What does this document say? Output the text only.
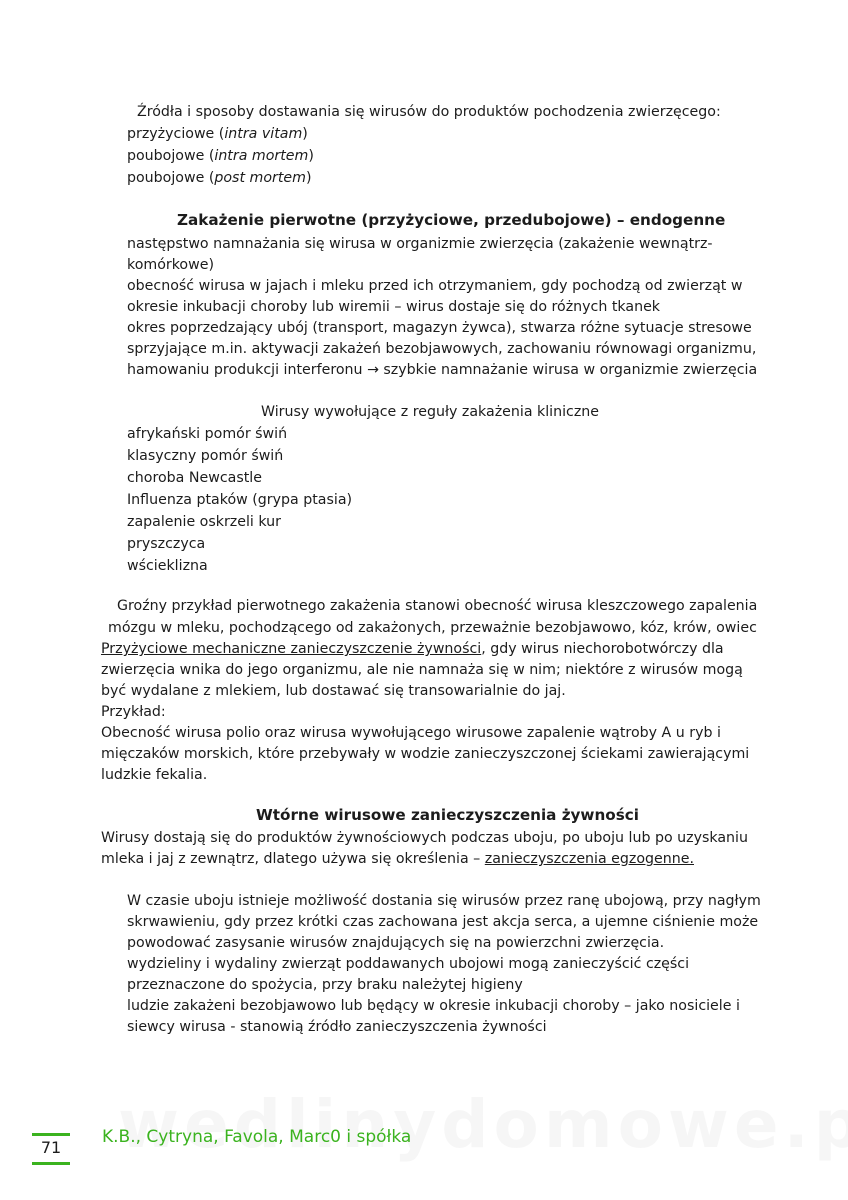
Źródła i sposoby dostawania się wirusów do produktów pochodzenia zwierzęcego:
przyżyciowe (intra vitam)
poubojowe (intra mortem)
poubojowe (post mortem)
Zakażenie pierwotne (przyżyciowe, przedubojowe) – endogenne
następstwo namnażania się wirusa w organizmie zwierzęcia (zakażenie wewnątrz-
komórkowe)
obecność wirusa w jajach i mleku przed ich otrzymaniem, gdy pochodzą od zwierząt w
okresie inkubacji choroby lub wiremii – wirus dostaje się do różnych tkanek
okres poprzedzający ubój (transport, magazyn żywca), stwarza różne sytuacje stresowe
sprzyjające m.in. aktywacji zakażeń bezobjawowych, zachowaniu równowagi organizmu,
hamowaniu produkcji interferonu → szybkie namnażanie wirusa w organizmie zwierzęcia
Wirusy wywołujące z reguły zakażenia kliniczne
afrykański pomór świń
klasyczny pomór świń
choroba Newcastle
Influenza ptaków (grypa ptasia)
zapalenie oskrzeli kur
pryszczyca
wścieklizna
Groźny przykład pierwotnego zakażenia stanowi obecność wirusa kleszczowego zapalenia
mózgu w mleku, pochodzącego od zakażonych, przeważnie bezobjawowo, kóz, krów, owiec
Przyżyciowe mechaniczne zanieczyszczenie żywności, gdy wirus niechorobotwórczy dla
zwierzęcia wnika do jego organizmu, ale nie namnaża się w nim; niektóre z wirusów mogą
być wydalane z mlekiem, lub dostawać się transowarialnie do jaj.
Przykład:
Obecność wirusa polio oraz wirusa wywołującego wirusowe zapalenie wątroby A u ryb i
mięczaków morskich, które przebywały w wodzie zanieczyszczonej ściekami zawierającymi
ludzkie fekalia.
Wtórne wirusowe zanieczyszczenia żywności
Wirusy dostają się do produktów żywnościowych podczas uboju, po uboju lub po uzyskaniu
mleka i jaj z zewnątrz, dlatego używa się określenia – zanieczyszczenia egzogenne.
W czasie uboju istnieje możliwość dostania się wirusów przez ranę ubojową, przy nagłym
skrwawieniu, gdy przez krótki czas zachowana jest akcja serca, a ujemne ciśnienie może
powodować zasysanie wirusów znajdujących się na powierzchni zwierzęcia.
wydzieliny i wydaliny zwierząt poddawanych ubojowi mogą zanieczyścić części
przeznaczone do spożycia, przy braku należytej higieny
ludzie zakażeni bezobjawowo lub będący w okresie inkubacji choroby – jako nosiciele i
siewcy wirusa - stanowią źródło zanieczyszczenia żywności
71
K.B., Cytryna, Favola, Marc0 i spółka
